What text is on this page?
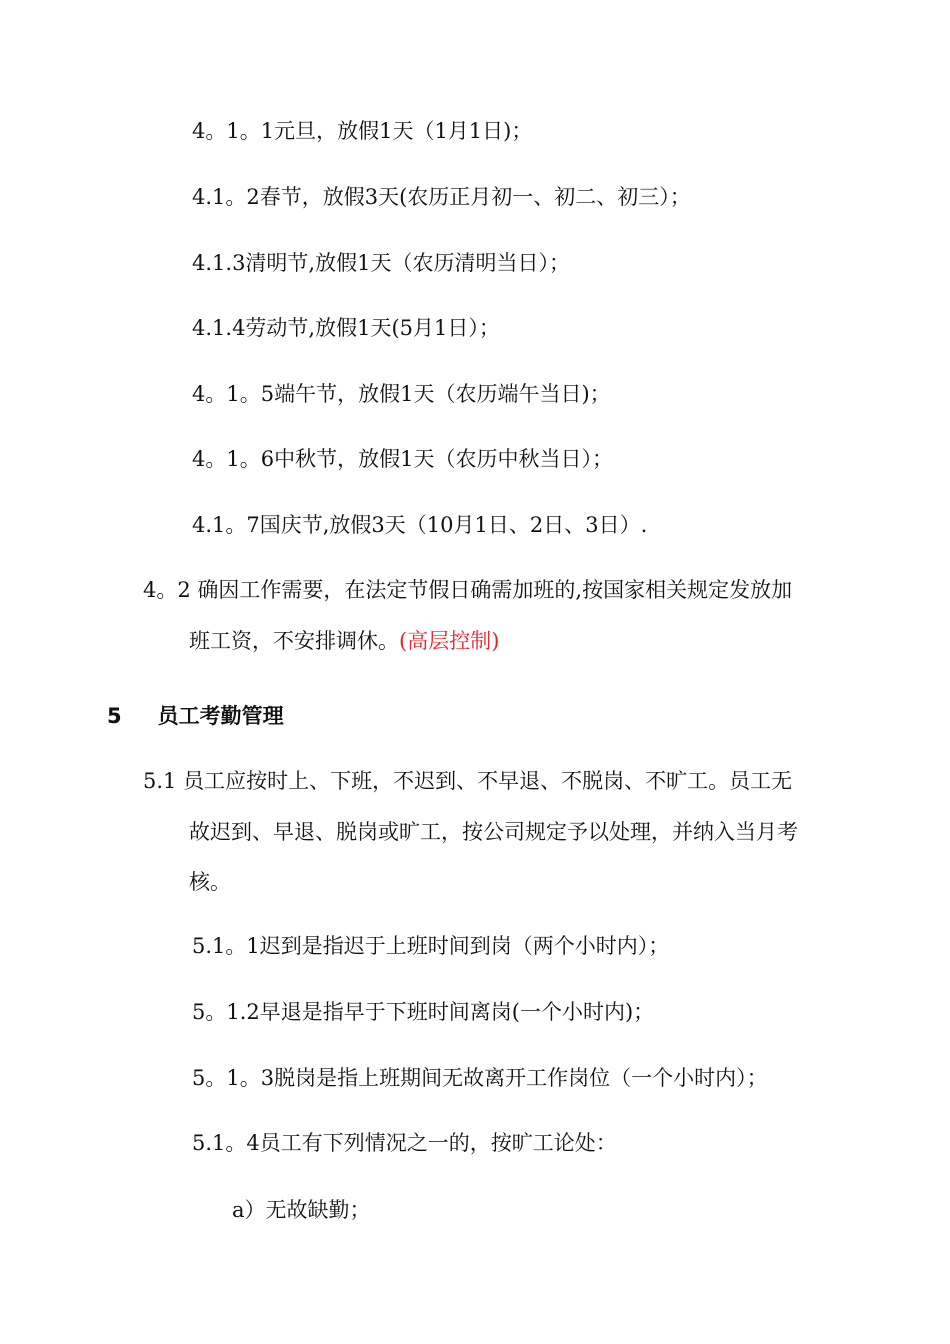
4。1。1元旦，放假1天（1月1日)；
4.1。2春节，放假3天(农历正月初一、初二、初三）；
4.1.3清明节,放假1天（农历清明当日）；
4.1.4劳动节,放假1天(5月1日）；
4。1。5端午节，放假1天（农历端午当日)；
4。1。6中秋节，放假1天（农历中秋当日）；
4.1。7国庆节,放假3天（10月1日、2日、3日）.
4。2 确因工作需要，在法定节假日确需加班的,按国家相关规定发放加
班工资，不安排调休。(高层控制)
5 员工考勤管理
5.1 员工应按时上、下班，不迟到、不早退、不脱岗、不旷工。员工无
故迟到、早退、脱岗或旷工，按公司规定予以处理，并纳入当月考
核。
5.1。1迟到是指迟于上班时间到岗（两个小时内）；
5。1.2早退是指早于下班时间离岗(一个小时内)；
5。1。3脱岗是指上班期间无故离开工作岗位（一个小时内）；
5.1。4员工有下列情况之一的，按旷工论处：
a）无故缺勤；
